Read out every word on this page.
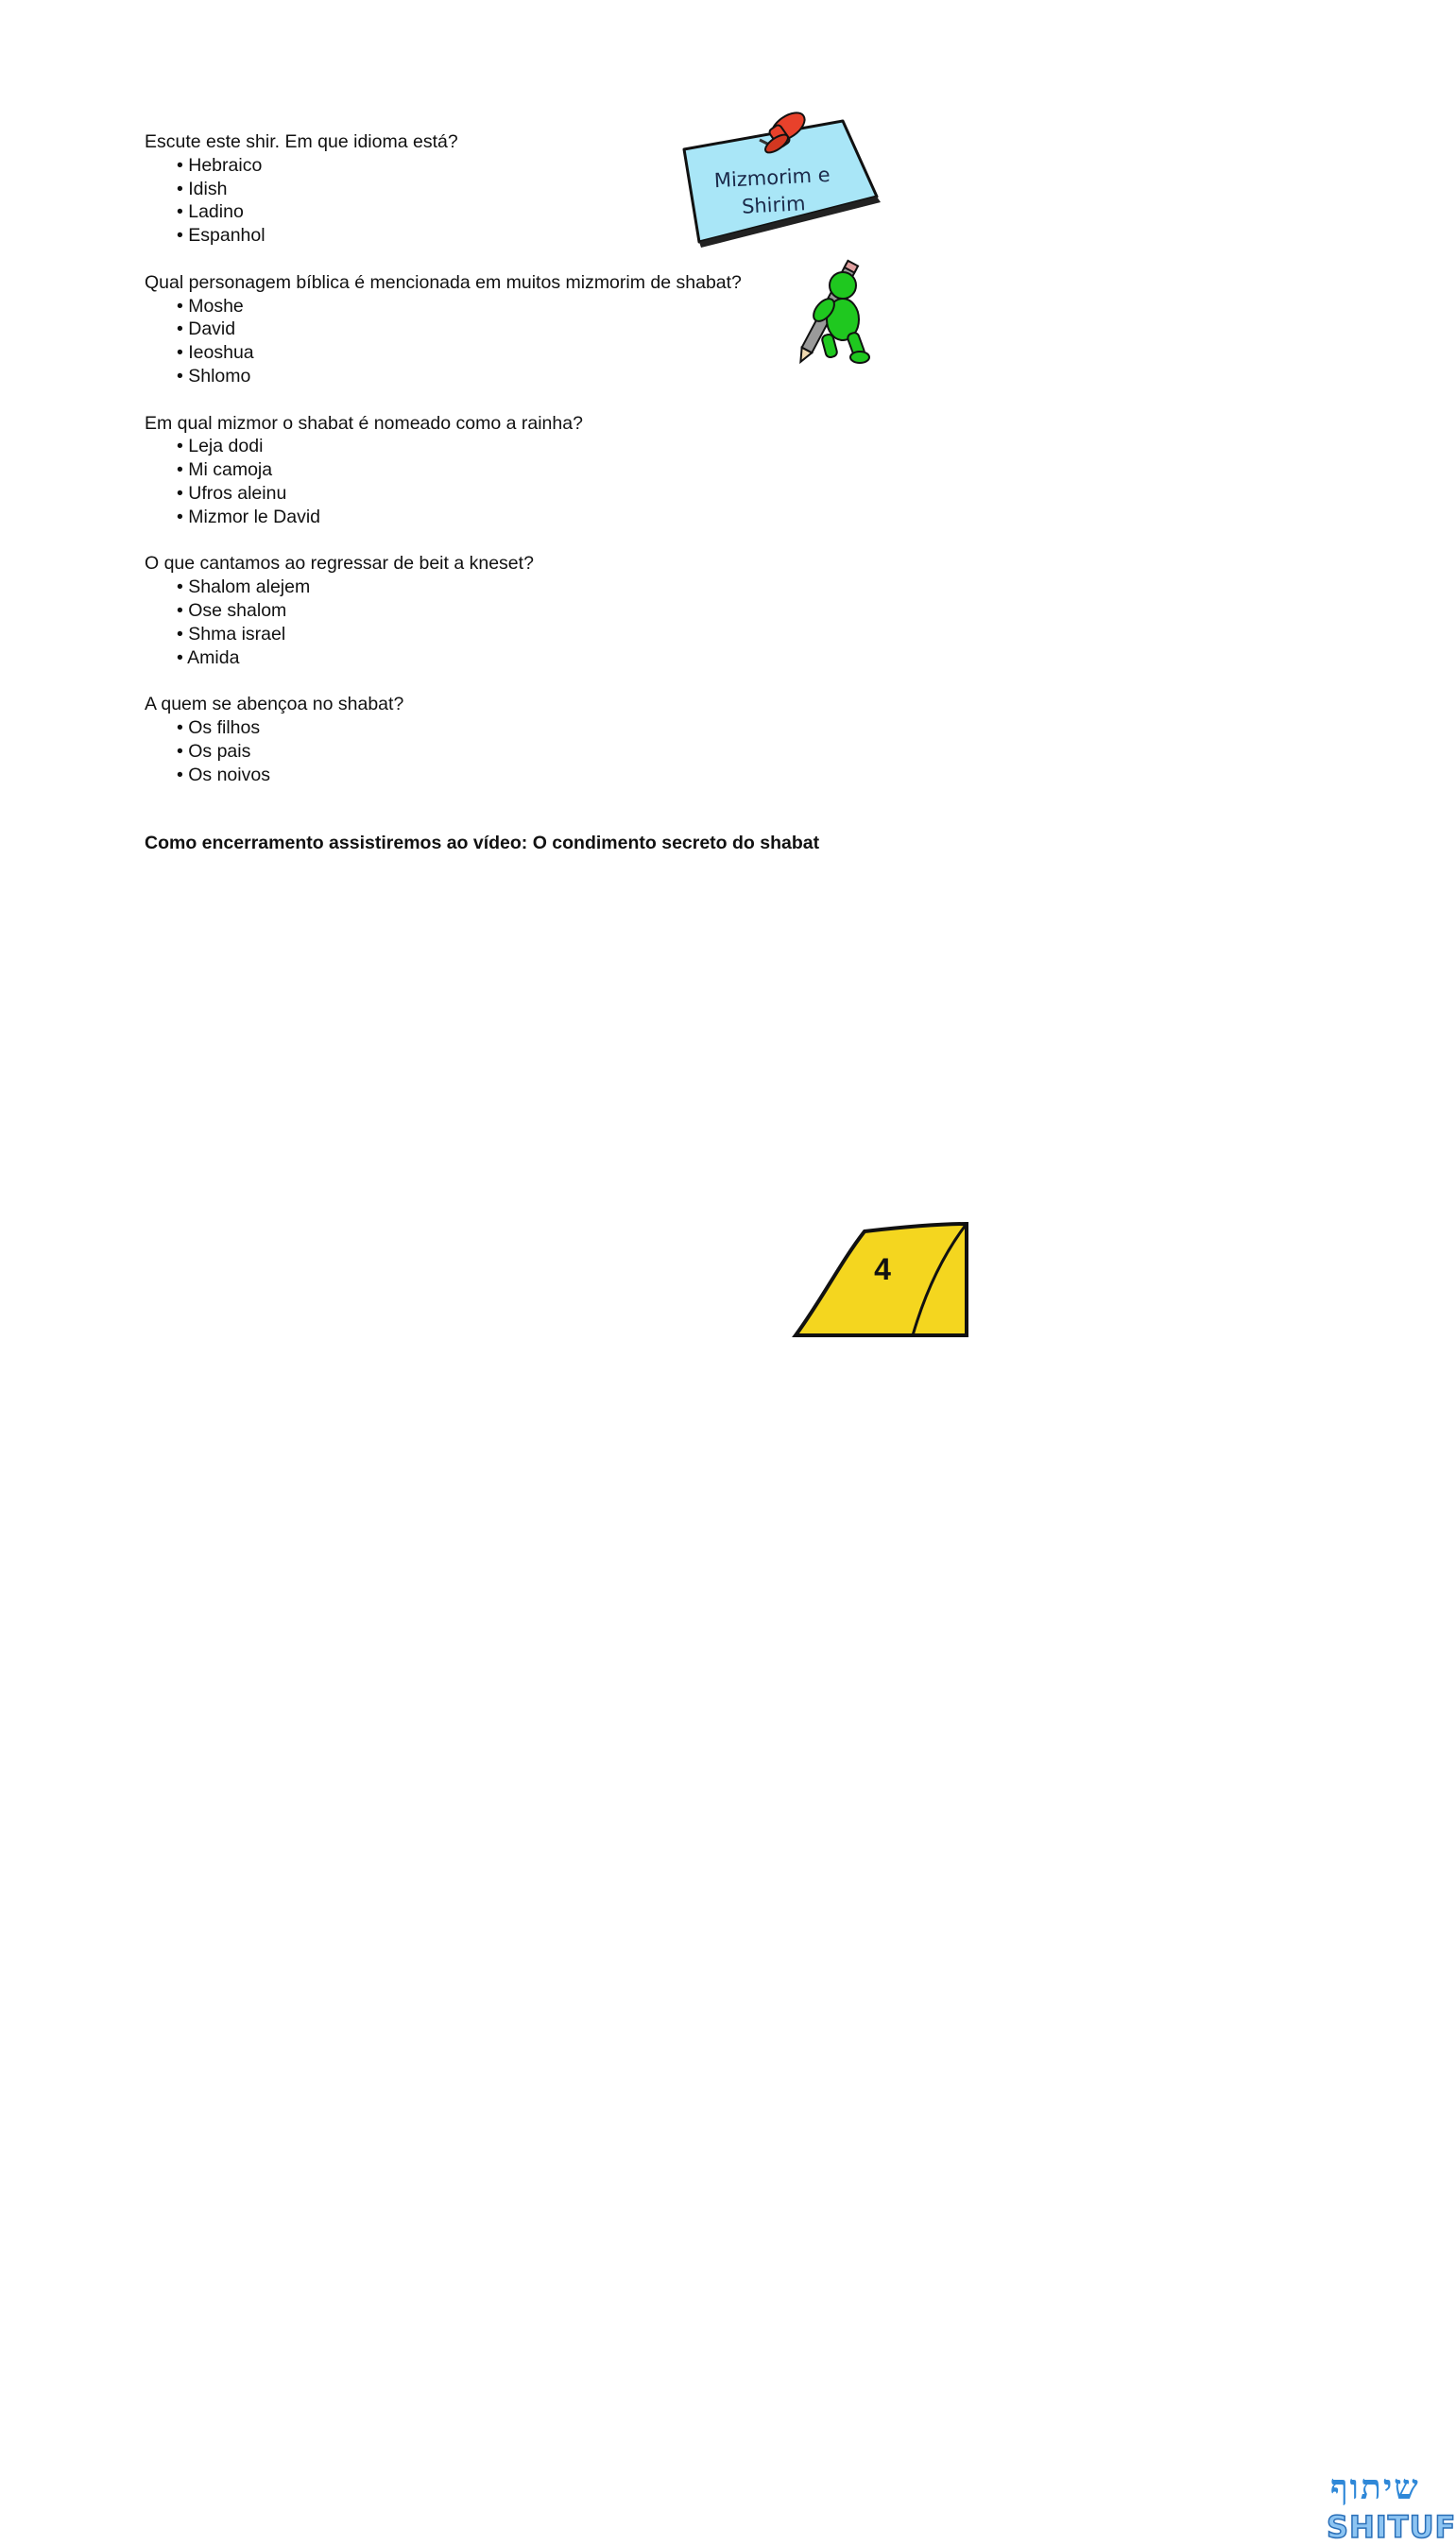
Escute este shir. Em que idioma está?
• Hebraico
• Idish
• Ladino
• Espanhol
Qual personagem bíblica é mencionada em muitos mizmorim de shabat?
• Moshe
• David
• Ieoshua
• Shlomo
Em qual mizmor o shabat é nomeado como a rainha?
• Leja dodi
• Mi camoja
• Ufros aleinu
• Mizmor le David
O que cantamos ao regressar de beit a kneset?
• Shalom alejem
• Ose shalom
• Shma israel
• Amida
A quem se abençoa no shabat?
• Os filhos
• Os pais
• Os noivos
Como encerramento assistiremos ao vídeo: O condimento secreto do shabat
Mizmorim e
Shirim
שיתוף
SHITUF
4
